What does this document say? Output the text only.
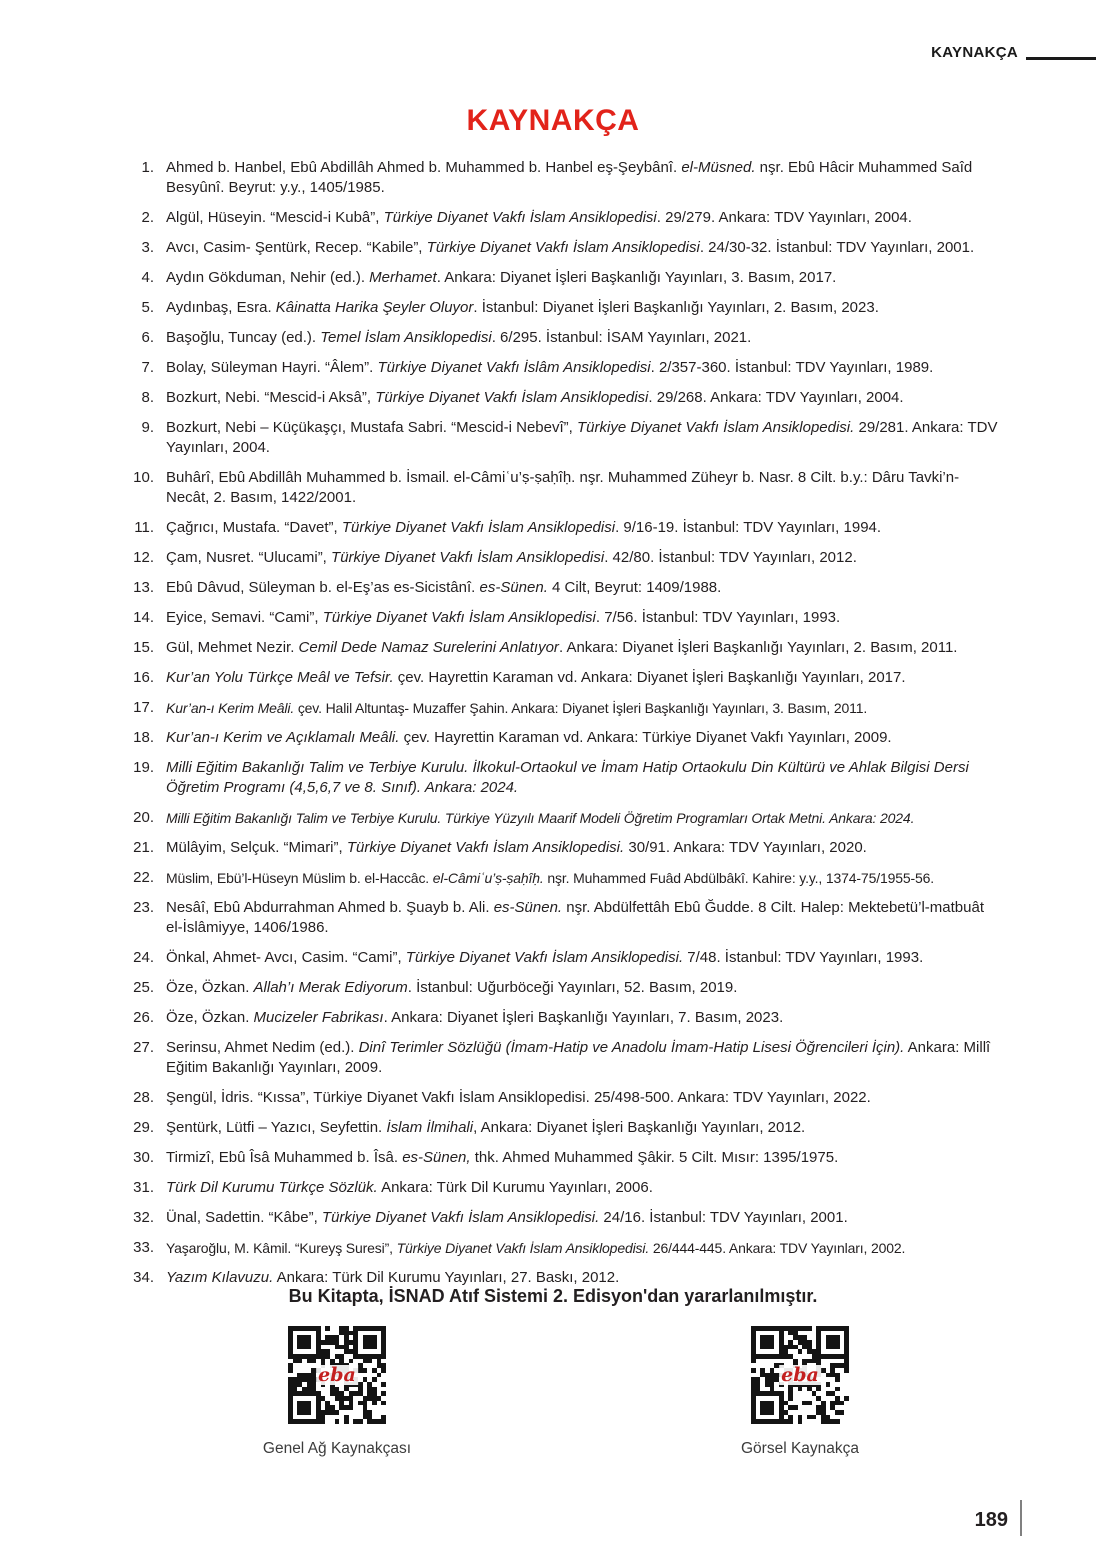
KAYNAKÇA
KAYNAKÇA
1. Ahmed b. Hanbel, Ebû Abdillâh Ahmed b. Muhammed b. Hanbel eş-Şeybânî. el-Müsned. nşr. Ebû Hâcir Muhammed Saîd Besyûnî. Beyrut: y.y., 1405/1985.
2. Algül, Hüseyin. “Mescid-i Kubâ”, Türkiye Diyanet Vakfı İslam Ansiklopedisi. 29/279. Ankara: TDV Yayınları, 2004.
3. Avcı, Casim- Şentürk, Recep. “Kabile”, Türkiye Diyanet Vakfı İslam Ansiklopedisi. 24/30-32. İstanbul: TDV Yayınları, 2001.
4. Aydın Gökduman, Nehir (ed.). Merhamet. Ankara: Diyanet İşleri Başkanlığı Yayınları, 3. Basım, 2017.
5. Aydınbaş, Esra. Kâinatta Harika Şeyler Oluyor. İstanbul: Diyanet İşleri Başkanlığı Yayınları, 2. Basım, 2023.
6. Başoğlu, Tuncay (ed.). Temel İslam Ansiklopedisi. 6/295. İstanbul: İSAM Yayınları, 2021.
7. Bolay, Süleyman Hayri. “Âlem”. Türkiye Diyanet Vakfı İslâm Ansiklopedisi. 2/357-360. İstanbul: TDV Yayınları, 1989.
8. Bozkurt, Nebi. “Mescid-i Aksâ”, Türkiye Diyanet Vakfı İslam Ansiklopedisi. 29/268. Ankara: TDV Yayınları, 2004.
9. Bozkurt, Nebi – Küçükaşçı, Mustafa Sabri. “Mescid-i Nebevî”, Türkiye Diyanet Vakfı İslam Ansiklopedisi. 29/281. Ankara: TDV Yayınları, 2004.
10. Buhârî, Ebû Abdillâh Muhammed b. İsmail. el-Câmiʿu’ṣ-ṣaḥîḥ. nşr. Muhammed Züheyr b. Nasr. 8 Cilt. b.y.: Dâru Tavki’n-Necât, 2. Basım, 1422/2001.
11. Çağrıcı, Mustafa. “Davet”, Türkiye Diyanet Vakfı İslam Ansiklopedisi. 9/16-19. İstanbul: TDV Yayınları, 1994.
12. Çam, Nusret. “Ulucami”, Türkiye Diyanet Vakfı İslam Ansiklopedisi. 42/80. İstanbul: TDV Yayınları, 2012.
13. Ebû Dâvud, Süleyman b. el-Eş’as es-Sicistânî. es-Sünen. 4 Cilt, Beyrut: 1409/1988.
14. Eyice, Semavi. “Cami”, Türkiye Diyanet Vakfı İslam Ansiklopedisi. 7/56. İstanbul: TDV Yayınları, 1993.
15. Gül, Mehmet Nezir. Cemil Dede Namaz Surelerini Anlatıyor. Ankara: Diyanet İşleri Başkanlığı Yayınları, 2. Basım, 2011.
16. Kur’an Yolu Türkçe Meâl ve Tefsir. çev. Hayrettin Karaman vd. Ankara: Diyanet İşleri Başkanlığı Yayınları, 2017.
17. Kur’an-ı Kerim Meâli. çev. Halil Altuntaş- Muzaffer Şahin. Ankara: Diyanet İşleri Başkanlığı Yayınları, 3. Basım, 2011.
18. Kur’an-ı Kerim ve Açıklamalı Meâli. çev. Hayrettin Karaman vd. Ankara: Türkiye Diyanet Vakfı Yayınları, 2009.
19. Milli Eğitim Bakanlığı Talim ve Terbiye Kurulu. İlkokul-Ortaokul ve İmam Hatip Ortaokulu Din Kültürü ve Ahlak Bilgisi Dersi Öğretim Programı (4,5,6,7 ve 8. Sınıf). Ankara: 2024.
20. Milli Eğitim Bakanlığı Talim ve Terbiye Kurulu. Türkiye Yüzyılı Maarif Modeli Öğretim Programları Ortak Metni. Ankara: 2024.
21. Mülâyim, Selçuk. “Mimari”, Türkiye Diyanet Vakfı İslam Ansiklopedisi. 30/91. Ankara: TDV Yayınları, 2020.
22. Müslim, Ebü’l-Hüseyn Müslim b. el-Haccâc. el-Câmiʿu’ṣ-ṣaḥîḥ. nşr. Muhammed Fuâd Abdülbâkî. Kahire: y.y., 1374-75/1955-56.
23. Nesâî, Ebû Abdurrahman Ahmed b. Şuayb b. Ali. es-Sünen. nşr. Abdülfettâh Ebû Ğudde. 8 Cilt. Halep: Mektebetü’l-matbuât el-İslâmiyye, 1406/1986.
24. Önkal, Ahmet- Avcı, Casim. “Cami”, Türkiye Diyanet Vakfı İslam Ansiklopedisi. 7/48. İstanbul: TDV Yayınları, 1993.
25. Öze, Özkan. Allah’ı Merak Ediyorum. İstanbul: Uğurböceği Yayınları, 52. Basım, 2019.
26. Öze, Özkan. Mucizeler Fabrikası. Ankara: Diyanet İşleri Başkanlığı Yayınları, 7. Basım, 2023.
27. Serinsu, Ahmet Nedim (ed.). Dinî Terimler Sözlüğü (İmam-Hatip ve Anadolu İmam-Hatip Lisesi Öğrencileri İçin). Ankara: Millî Eğitim Bakanlığı Yayınları, 2009.
28. Şengül, İdris. “Kıssa”, Türkiye Diyanet Vakfı İslam Ansiklopedisi. 25/498-500. Ankara: TDV Yayınları, 2022.
29. Şentürk, Lütfi – Yazıcı, Seyfettin. İslam İlmihali, Ankara: Diyanet İşleri Başkanlığı Yayınları, 2012.
30. Tirmizî, Ebû Îsâ Muhammed b. Îsâ. es-Sünen, thk. Ahmed Muhammed Şâkir. 5 Cilt. Mısır: 1395/1975.
31. Türk Dil Kurumu Türkçe Sözlük. Ankara: Türk Dil Kurumu Yayınları, 2006.
32. Ünal, Sadettin. “Kâbe”, Türkiye Diyanet Vakfı İslam Ansiklopedisi. 24/16. İstanbul: TDV Yayınları, 2001.
33. Yaşaroğlu, M. Kâmil. “Kureyş Suresi”, Türkiye Diyanet Vakfı İslam Ansiklopedisi. 26/444-445. Ankara: TDV Yayınları, 2002.
34. Yazım Kılavuzu. Ankara: Türk Dil Kurumu Yayınları, 27. Baskı, 2012.

Bu Kitapta, İSNAD Atıf Sistemi 2. Edisyon'dan yararlanılmıştır.

eba
Genel Ağ Kaynakçası
eba
Görsel Kaynakça
189
